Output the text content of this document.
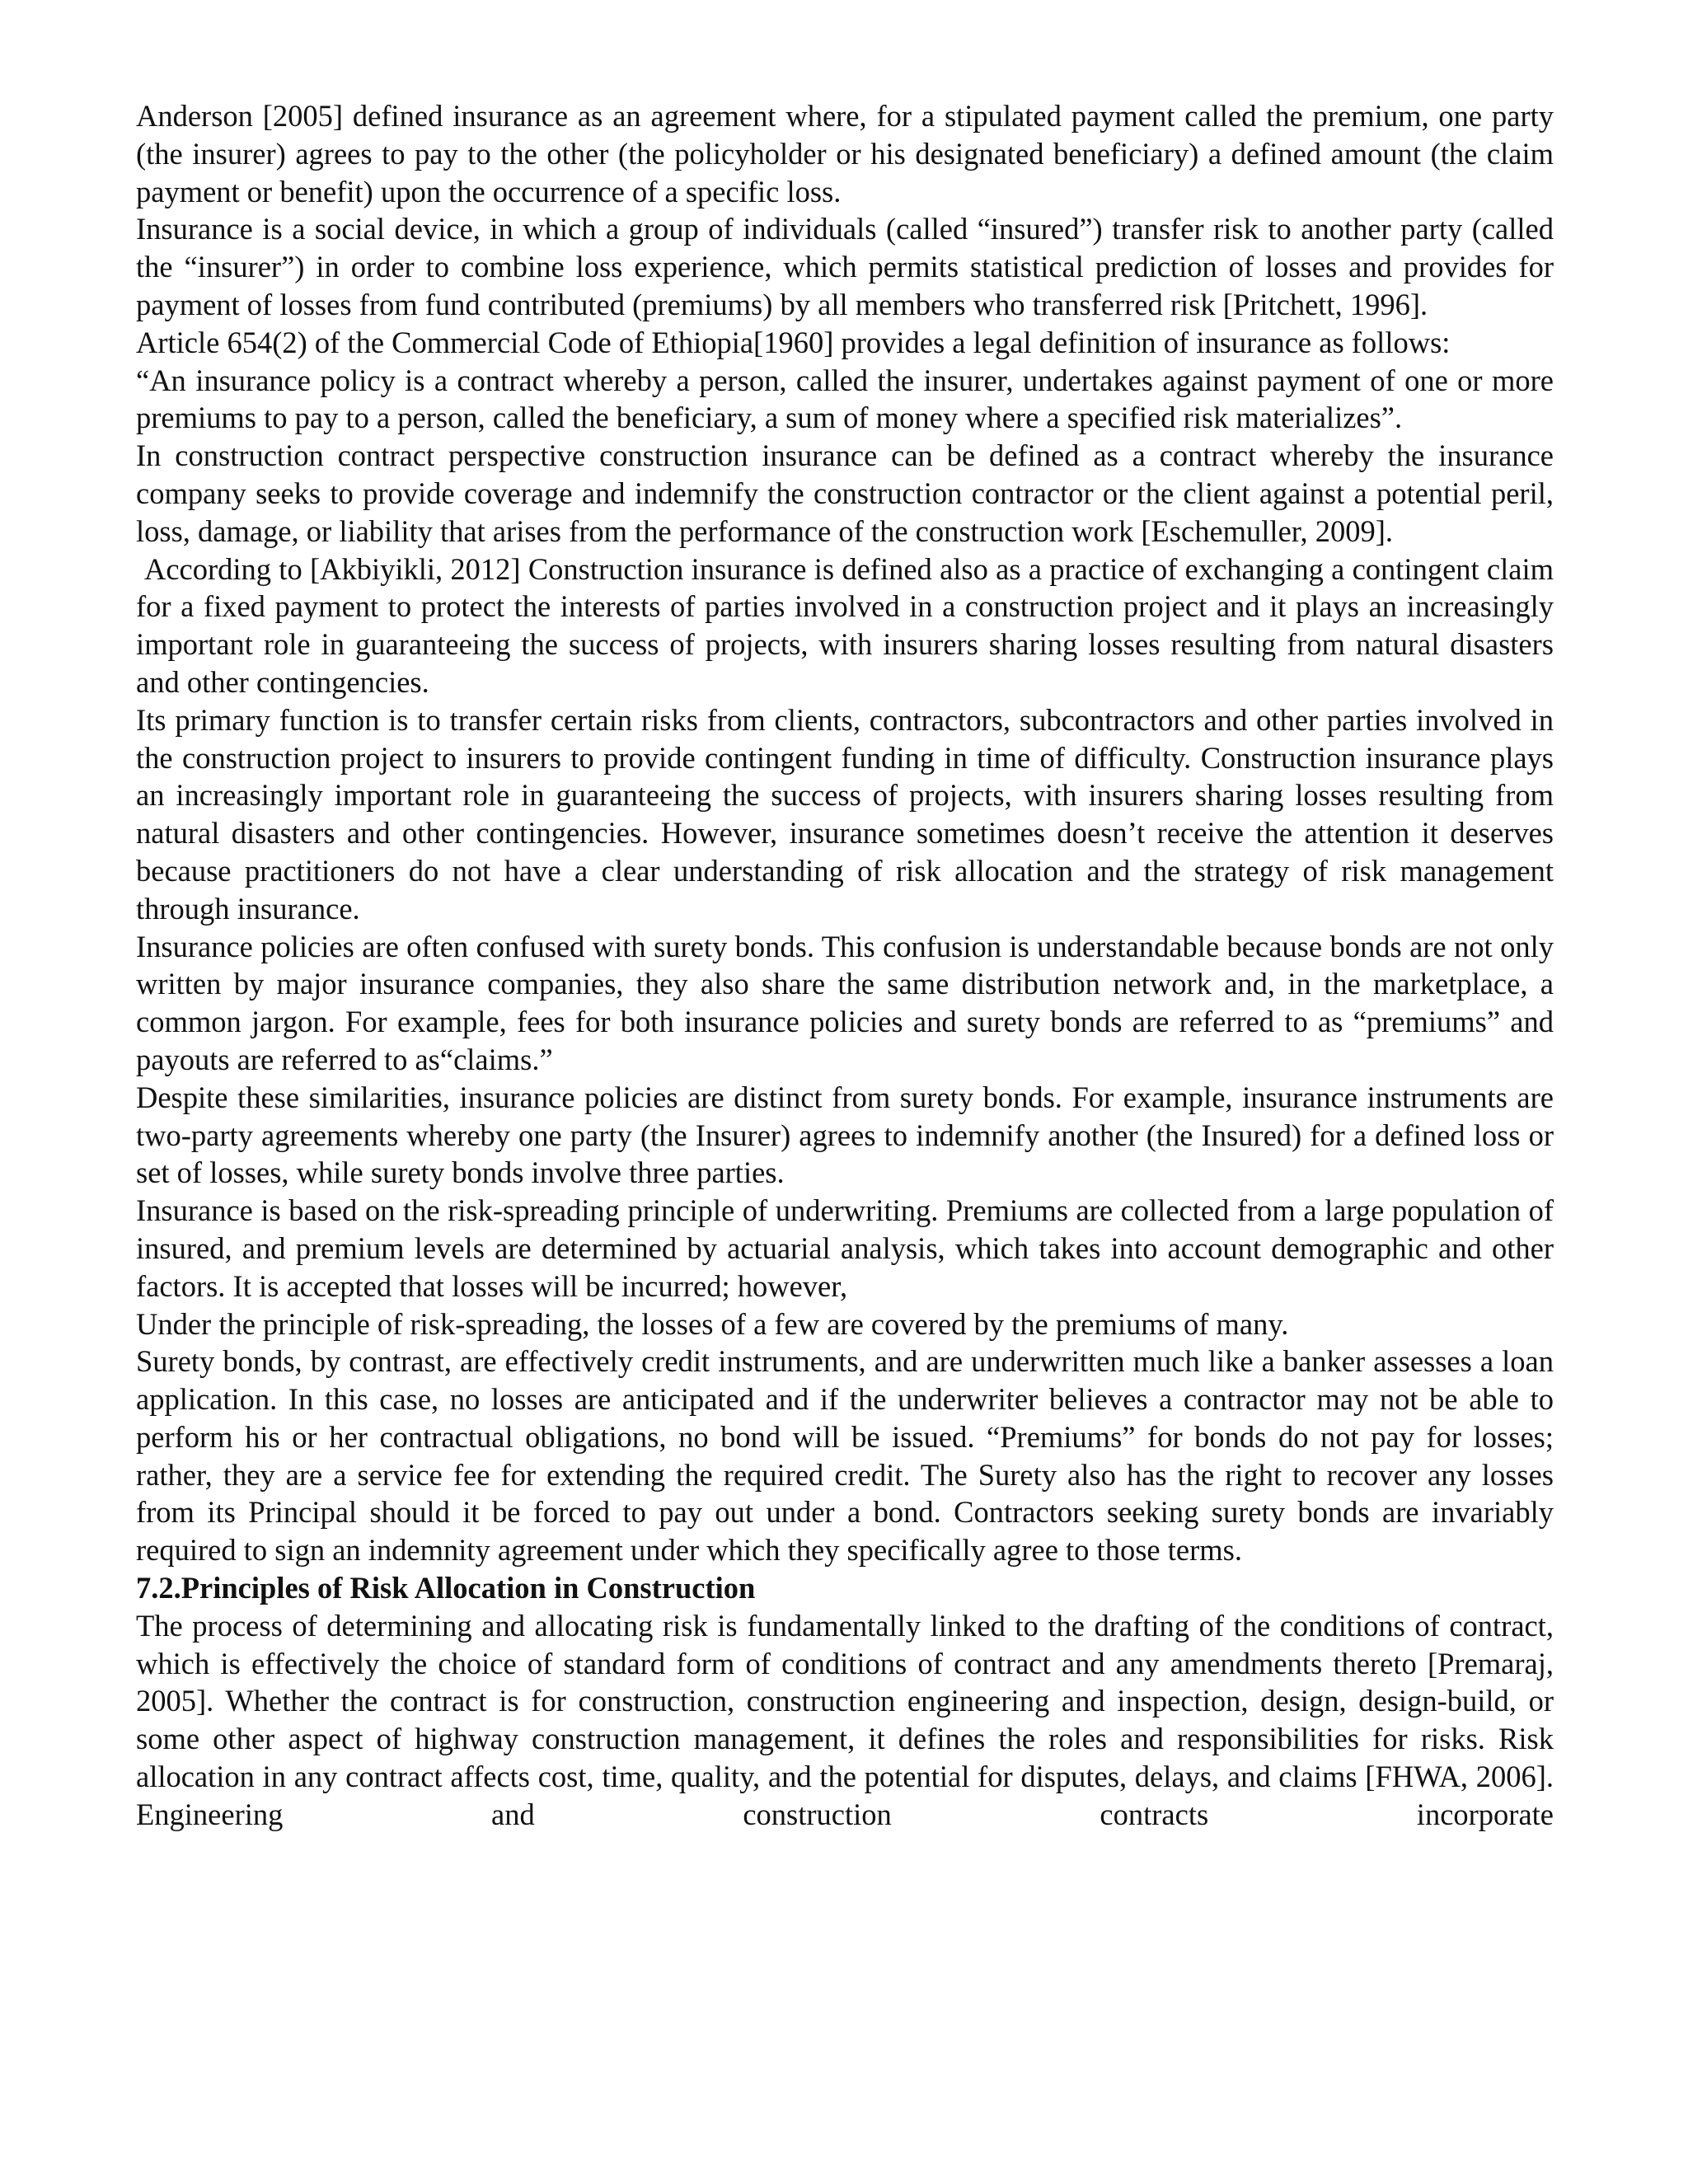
Anderson [2005] defined insurance as an agreement where, for a stipulated payment called the premium, one party (the insurer) agrees to pay to the other (the policyholder or his designated beneficiary) a defined amount (the claim payment or benefit) upon the occurrence of a specific loss.

Insurance is a social device, in which a group of individuals (called “insured”) transfer risk to another party (called the “insurer”) in order to combine loss experience, which permits statistical prediction of losses and provides for payment of losses from fund contributed (premiums) by all members who transferred risk [Pritchett, 1996].

Article 654(2) of the Commercial Code of Ethiopia[1960] provides a legal definition of insurance as follows:

“An insurance policy is a contract whereby a person, called the insurer, undertakes against payment of one or more premiums to pay to a person, called the beneficiary, a sum of money where a specified risk materializes”.

In construction contract perspective construction insurance can be defined as a contract whereby the insurance company seeks to provide coverage and indemnify the construction contractor or the client against a potential peril, loss, damage, or liability that arises from the performance of the construction work [Eschemuller, 2009].

According to [Akbiyikli, 2012] Construction insurance is defined also as a practice of exchanging a contingent claim for a fixed payment to protect the interests of parties involved in a construction project and it plays an increasingly important role in guaranteeing the success of projects, with insurers sharing losses resulting from natural disasters and other contingencies.

Its primary function is to transfer certain risks from clients, contractors, subcontractors and other parties involved in the construction project to insurers to provide contingent funding in time of difficulty. Construction insurance plays an increasingly important role in guaranteeing the success of projects, with insurers sharing losses resulting from natural disasters and other contingencies. However, insurance sometimes doesn’t receive the attention it deserves because practitioners do not have a clear understanding of risk allocation and the strategy of risk management through insurance.

Insurance policies are often confused with surety bonds. This confusion is understandable because bonds are not only written by major insurance companies, they also share the same distribution network and, in the marketplace, a common jargon. For example, fees for both insurance policies and surety bonds are referred to as “premiums” and payouts are referred to as“claims.”

Despite these similarities, insurance policies are distinct from surety bonds. For example, insurance instruments are two-party agreements whereby one party (the Insurer) agrees to indemnify another (the Insured) for a defined loss or set of losses, while surety bonds involve three parties.

Insurance is based on the risk-spreading principle of underwriting. Premiums are collected from a large population of insured, and premium levels are determined by actuarial analysis, which takes into account demographic and other factors. It is accepted that losses will be incurred; however,

Under the principle of risk-spreading, the losses of a few are covered by the premiums of many.

Surety bonds, by contrast, are effectively credit instruments, and are underwritten much like a banker assesses a loan application. In this case, no losses are anticipated and if the underwriter believes a contractor may not be able to perform his or her contractual obligations, no bond will be issued. “Premiums” for bonds do not pay for losses; rather, they are a service fee for extending the required credit. The Surety also has the right to recover any losses from its Principal should it be forced to pay out under a bond. Contractors seeking surety bonds are invariably required to sign an indemnity agreement under which they specifically agree to those terms.

7.2.Principles of Risk Allocation in Construction

The process of determining and allocating risk is fundamentally linked to the drafting of the conditions of contract, which is effectively the choice of standard form of conditions of contract and any amendments thereto [Premaraj, 2005]. Whether the contract is for construction, construction engineering and inspection, design, design-build, or some other aspect of highway construction management, it defines the roles and responsibilities for risks. Risk allocation in any contract affects cost, time, quality, and the potential for disputes, delays, and claims [FHWA, 2006]. Engineering and construction contracts incorporate
